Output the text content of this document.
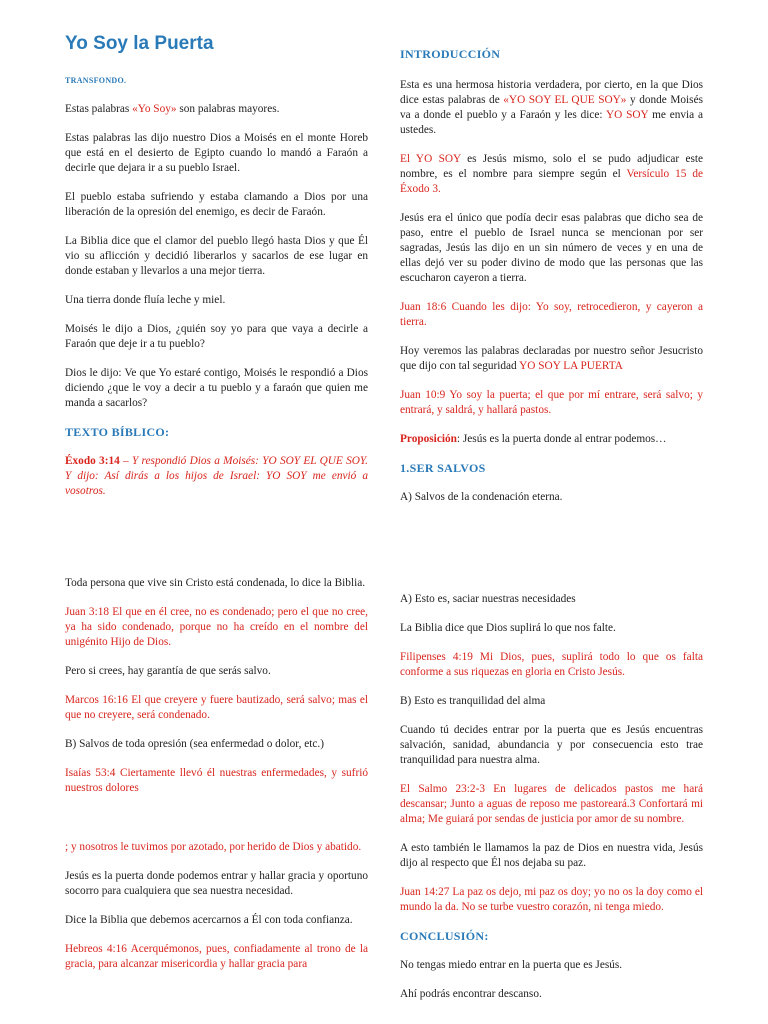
Yo Soy la Puerta

TRANSFONDO.

Estas palabras «Yo Soy» son palabras mayores.

Estas palabras las dijo nuestro Dios a Moisés en el monte Horeb que está en el desierto de Egipto cuando lo mandó a Faraón a decirle que dejara ir a su pueblo Israel.

El pueblo estaba sufriendo y estaba clamando a Dios por una liberación de la opresión del enemigo, es decir de Faraón.

La Biblia dice que el clamor del pueblo llegó hasta Dios y que Él vio su aflicción y decidió liberarlos y sacarlos de ese lugar en donde estaban y llevarlos a una mejor tierra.

Una tierra donde fluía leche y miel.

Moisés le dijo a Dios, ¿quién soy yo para que vaya a decirle a Faraón que deje ir a tu pueblo?

Dios le dijo: Ve que Yo estaré contigo, Moisés le respondió a Dios diciendo ¿que le voy a decir a tu pueblo y a faraón que quien me manda a sacarlos?

TEXTO BÍBLICO:

Éxodo 3:14 – Y respondió Dios a Moisés: YO SOY EL QUE SOY. Y dijo: Así dirás a los hijos de Israel: YO SOY me envió a vosotros.

INTRODUCCIÓN

Esta es una hermosa historia verdadera, por cierto, en la que Dios dice estas palabras de «YO SOY EL QUE SOY» y donde Moisés va a donde el pueblo y a Faraón y les dice: YO SOY me envia a ustedes.

El YO SOY es Jesús mismo, solo el se pudo adjudicar este nombre, es el nombre para siempre según el Versículo 15 de Éxodo 3.

Jesús era el único que podía decir esas palabras que dicho sea de paso, entre el pueblo de Israel nunca se mencionan por ser sagradas, Jesús las dijo en un sin número de veces y en una de ellas dejó ver su poder divino de modo que las personas que las escucharon cayeron a tierra.

Juan 18:6 Cuando les dijo: Yo soy, retrocedieron, y cayeron a tierra.

Hoy veremos las palabras declaradas por nuestro señor Jesucristo que dijo con tal seguridad YO SOY LA PUERTA

Juan 10:9 Yo soy la puerta; el que por mí entrare, será salvo; y entrará, y saldrá, y hallará pastos.

Proposición: Jesús es la puerta donde al entrar podemos…

1.SER SALVOS

A) Salvos de la condenación eterna.

Toda persona que vive sin Cristo está condenada, lo dice la Biblia.

Juan 3:18 El que en él cree, no es condenado; pero el que no cree, ya ha sido condenado, porque no ha creído en el nombre del unigénito Hijo de Dios.

Pero si crees, hay garantía de que serás salvo.

Marcos 16:16 El que creyere y fuere bautizado, será salvo; mas el que no creyere, será condenado.

B) Salvos de toda opresión (sea enfermedad o dolor, etc.)

Isaías 53:4 Ciertamente llevó él nuestras enfermedades, y sufrió nuestros dolores

; y nosotros le tuvimos por azotado, por herido de Dios y abatido.

Jesús es la puerta donde podemos entrar y hallar gracia y oportuno socorro para cualquiera que sea nuestra necesidad.

Dice la Biblia que debemos acercarnos a Él con toda confianza.

Hebreos 4:16 Acerquémonos, pues, confiadamente al trono de la gracia, para alcanzar misericordia y hallar gracia para

A) Esto es, saciar nuestras necesidades

La Biblia dice que Dios suplirá lo que nos falte.

Filipenses 4:19 Mi Dios, pues, suplirá todo lo que os falta conforme a sus riquezas en gloria en Cristo Jesús.

B) Esto es tranquilidad del alma

Cuando tú decides entrar por la puerta que es Jesús encuentras salvación, sanidad, abundancia y por consecuencia esto trae tranquilidad para nuestra alma.

El Salmo 23:2-3 En lugares de delicados pastos me hará descansar; Junto a aguas de reposo me pastoreará.3 Confortará mi alma; Me guiará por sendas de justicia por amor de su nombre.

A esto también le llamamos la paz de Dios en nuestra vida, Jesús dijo al respecto que Él nos dejaba su paz.

Juan 14:27 La paz os dejo, mi paz os doy; yo no os la doy como el mundo la da. No se turbe vuestro corazón, ni tenga miedo.

CONCLUSIÓN:

No tengas miedo entrar en la puerta que es Jesús.

Ahí podrás encontrar descanso.
